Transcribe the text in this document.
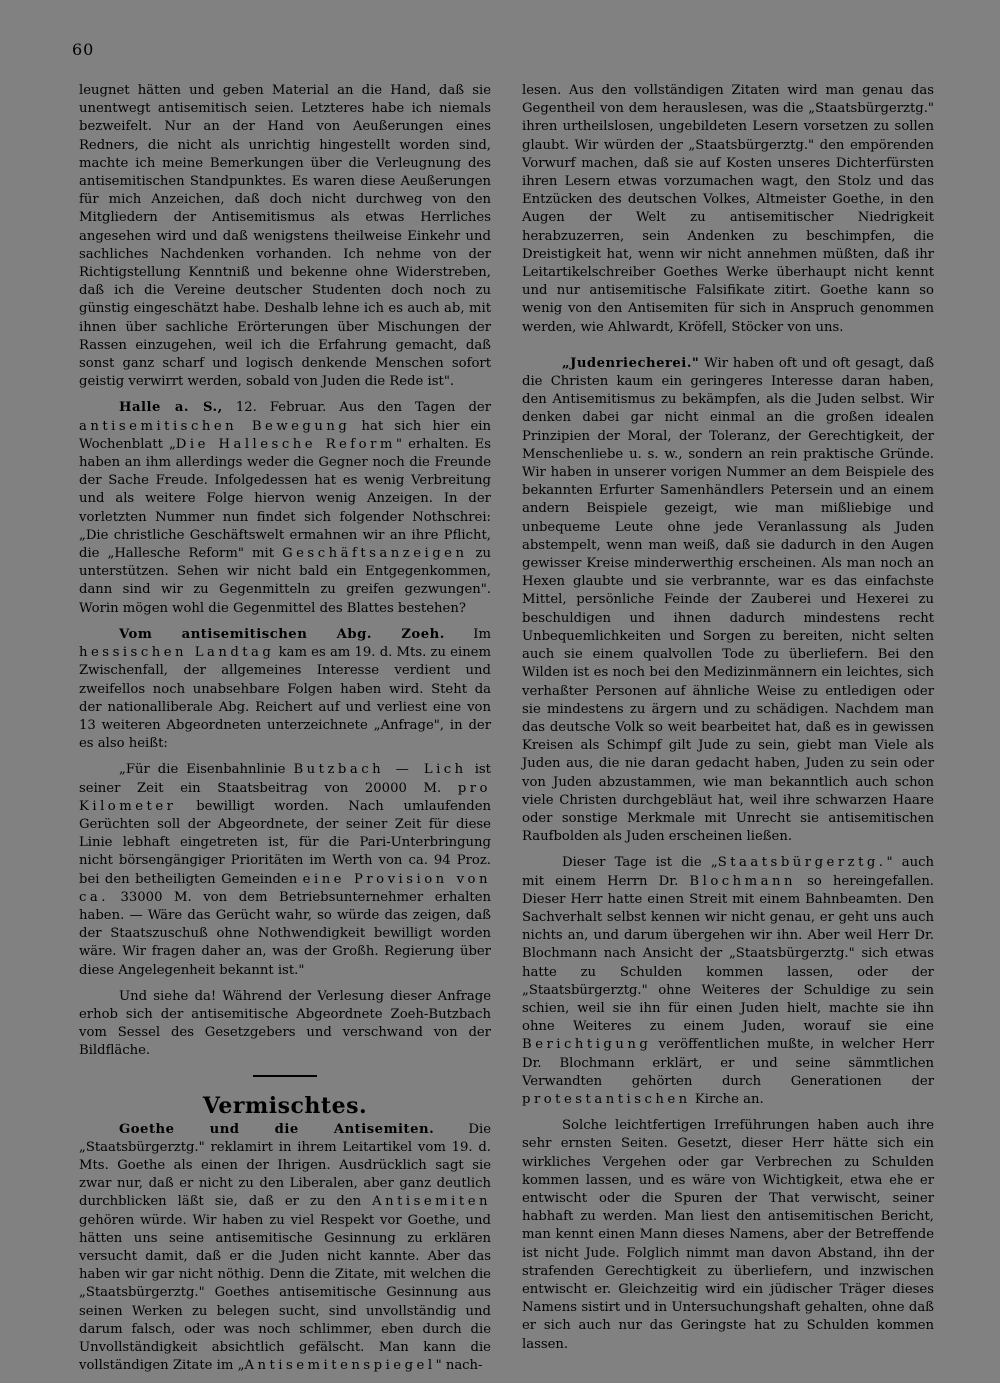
60

leugnet hätten und geben Material an die Hand, daß sie unentwegt antisemitisch seien. Letzteres habe ich niemals bezweifelt. Nur an der Hand von Aeußerungen eines Redners, die nicht als unrichtig hingestellt worden sind, machte ich meine Bemerkungen über die Verleugnung des antisemitischen Standpunktes. Es waren diese Aeußerungen für mich Anzeichen, daß doch nicht durchweg von den Mitgliedern der Antisemitismus als etwas Herrliches angesehen wird und daß wenigstens theilweise Einkehr und sachliches Nachdenken vorhanden. Ich nehme von der Richtigstellung Kenntniß und bekenne ohne Widerstreben, daß ich die Vereine deutscher Studenten doch noch zu günstig eingeschätzt habe. Deshalb lehne ich es auch ab, mit ihnen über sachliche Erörterungen über Mischungen der Rassen einzugehen, weil ich die Erfahrung gemacht, daß sonst ganz scharf und logisch denkende Menschen sofort geistig verwirrt werden, sobald von Juden die Rede ist".

Halle a. S., 12. Februar. Aus den Tagen der antisemitischen Bewegung hat sich hier ein Wochenblatt „Die Hallesche Reform" erhalten. Es haben an ihm allerdings weder die Gegner noch die Freunde der Sache Freude. Infolgedessen hat es wenig Verbreitung und als weitere Folge hiervon wenig Anzeigen. In der vorletzten Nummer nun findet sich folgender Nothschrei: „Die christliche Geschäftswelt ermahnen wir an ihre Pflicht, die „Hallesche Reform" mit Geschäftsanzeigen zu unterstützen. Sehen wir nicht bald ein Entgegenkommen, dann sind wir zu Gegenmitteln zu greifen gezwungen". Worin mögen wohl die Gegenmittel des Blattes bestehen?

Vom antisemitischen Abg. Zoeh. Im hessischen Landtag kam es am 19. d. Mts. zu einem Zwischenfall, der allgemeines Interesse verdient und zweifellos noch unabsehbare Folgen haben wird. Steht da der nationalliberale Abg. Reichert auf und verliest eine von 13 weiteren Abgeordneten unterzeichnete „Anfrage", in der es also heißt:

„Für die Eisenbahnlinie Butzbach — Lich ist seiner Zeit ein Staatsbeitrag von 20000 M. pro Kilometer bewilligt worden. Nach umlaufenden Gerüchten soll der Abgeordnete, der seiner Zeit für diese Linie lebhaft eingetreten ist, für die Pari-Unterbringung nicht börsengängiger Prioritäten im Werth von ca. 94 Proz. bei den betheiligten Gemeinden eine Provision von ca. 33000 M. von dem Betriebsunternehmer erhalten haben. — Wäre das Gerücht wahr, so würde das zeigen, daß der Staatszuschuß ohne Nothwendigkeit bewilligt worden wäre. Wir fragen daher an, was der Großh. Regierung über diese Angelegenheit bekannt ist."

Und siehe da! Während der Verlesung dieser Anfrage erhob sich der antisemitische Abgeordnete Zoeh-Butzbach vom Sessel des Gesetzgebers und verschwand von der Bildfläche.

Vermischtes.

Goethe und die Antisemiten. Die „Staatsbürgerztg." reklamirt in ihrem Leitartikel vom 19. d. Mts. Goethe als einen der Ihrigen. Ausdrücklich sagt sie zwar nur, daß er nicht zu den Liberalen, aber ganz deutlich durchblicken läßt sie, daß er zu den Antisemiten gehören würde. Wir haben zu viel Respekt vor Goethe, und hätten uns seine antisemitische Gesinnung zu erklären versucht damit, daß er die Juden nicht kannte. Aber das haben wir gar nicht nöthig. Denn die Zitate, mit welchen die „Staatsbürgerztg." Goethes antisemitische Gesinnung aus seinen Werken zu belegen sucht, sind unvollständig und darum falsch, oder was noch schlimmer, eben durch die Unvollständigkeit absichtlich gefälscht. Man kann die vollständigen Zitate im „Antisemitenspiegel" nach-

lesen. Aus den vollständigen Zitaten wird man genau das Gegentheil von dem herauslesen, was die „Staatsbürgerztg." ihren urtheilslosen, ungebildeten Lesern vorsetzen zu sollen glaubt. Wir würden der „Staatsbürgerztg." den empörenden Vorwurf machen, daß sie auf Kosten unseres Dichterfürsten ihren Lesern etwas vorzumachen wagt, den Stolz und das Entzücken des deutschen Volkes, Altmeister Goethe, in den Augen der Welt zu antisemitischer Niedrigkeit herabzuzerren, sein Andenken zu beschimpfen, die Dreistigkeit hat, wenn wir nicht annehmen müßten, daß ihr Leitartikelschreiber Goethes Werke überhaupt nicht kennt und nur antisemitische Falsifikate zitirt. Goethe kann so wenig von den Antisemiten für sich in Anspruch genommen werden, wie Ahlwardt, Kröfell, Stöcker von uns.

„Judenriecherei." Wir haben oft und oft gesagt, daß die Christen kaum ein geringeres Interesse daran haben, den Antisemitismus zu bekämpfen, als die Juden selbst. Wir denken dabei gar nicht einmal an die großen idealen Prinzipien der Moral, der Toleranz, der Gerechtigkeit, der Menschenliebe u. s. w., sondern an rein praktische Gründe. Wir haben in unserer vorigen Nummer an dem Beispiele des bekannten Erfurter Samenhändlers Petersein und an einem andern Beispiele gezeigt, wie man mißliebige und unbequeme Leute ohne jede Veranlassung als Juden abstempelt, wenn man weiß, daß sie dadurch in den Augen gewisser Kreise minderwerthig erscheinen. Als man noch an Hexen glaubte und sie verbrannte, war es das einfachste Mittel, persönliche Feinde der Zauberei und Hexerei zu beschuldigen und ihnen dadurch mindestens recht Unbequemlichkeiten und Sorgen zu bereiten, nicht selten auch sie einem qualvollen Tode zu überliefern. Bei den Wilden ist es noch bei den Medizinmännern ein leichtes, sich verhaßter Personen auf ähnliche Weise zu entledigen oder sie mindestens zu ärgern und zu schädigen. Nachdem man das deutsche Volk so weit bearbeitet hat, daß es in gewissen Kreisen als Schimpf gilt Jude zu sein, giebt man Viele als Juden aus, die nie daran gedacht haben, Juden zu sein oder von Juden abzustammen, wie man bekanntlich auch schon viele Christen durchgebläut hat, weil ihre schwarzen Haare oder sonstige Merkmale mit Unrecht sie antisemitischen Raufbolden als Juden erscheinen ließen.

Dieser Tage ist die „Staatsbürgerztg." auch mit einem Herrn Dr. Blochmann so hereingefallen. Dieser Herr hatte einen Streit mit einem Bahnbeamten. Den Sachverhalt selbst kennen wir nicht genau, er geht uns auch nichts an, und darum übergehen wir ihn. Aber weil Herr Dr. Blochmann nach Ansicht der „Staatsbürgerztg." sich etwas hatte zu Schulden kommen lassen, oder der „Staatsbürgerztg." ohne Weiteres der Schuldige zu sein schien, weil sie ihn für einen Juden hielt, machte sie ihn ohne Weiteres zu einem Juden, worauf sie eine Berichtigung veröffentlichen mußte, in welcher Herr Dr. Blochmann erklärt, er und seine sämmtlichen Verwandten gehörten durch Generationen der protestantischen Kirche an.

Solche leichtfertigen Irreführungen haben auch ihre sehr ernsten Seiten. Gesetzt, dieser Herr hätte sich ein wirkliches Vergehen oder gar Verbrechen zu Schulden kommen lassen, und es wäre von Wichtigkeit, etwa ehe er entwischt oder die Spuren der That verwischt, seiner habhaft zu werden. Man liest den antisemitischen Bericht, man kennt einen Mann dieses Namens, aber der Betreffende ist nicht Jude. Folglich nimmt man davon Abstand, ihn der strafenden Gerechtigkeit zu überliefern, und inzwischen entwischt er. Gleichzeitig wird ein jüdischer Träger dieses Namens sistirt und in Untersuchungshaft gehalten, ohne daß er sich auch nur das Geringste hat zu Schulden kommen lassen.
